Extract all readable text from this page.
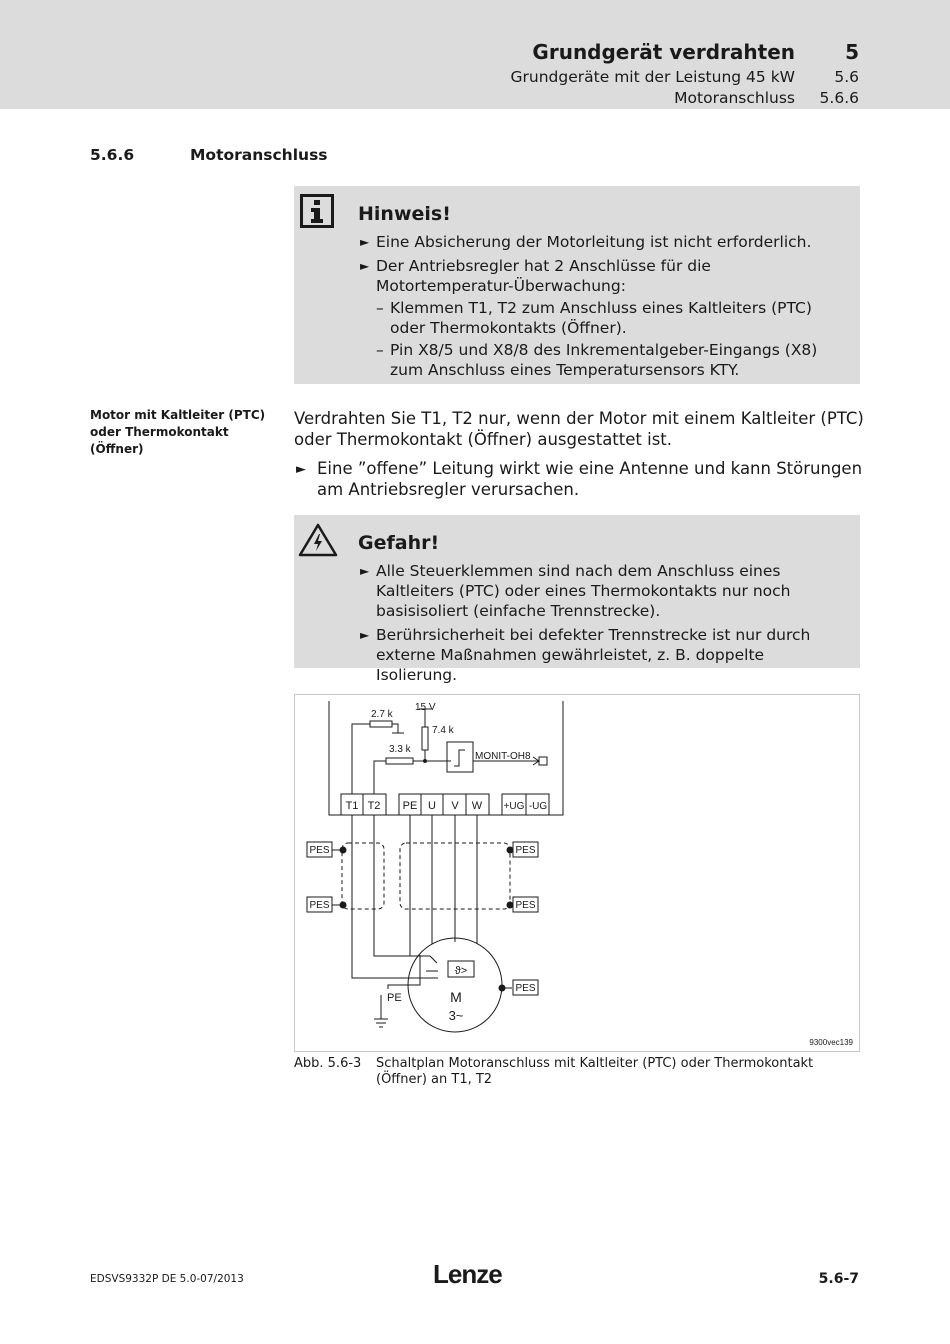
Grundgerät verdrahten	5
Grundgeräte mit der Leistung 45 kW	5.6
Motoranschluss	5.6.6
5.6.6	Motoranschluss
Hinweis!
► Eine Absicherung der Motorleitung ist nicht erforderlich.
► Der Antriebsregler hat 2 Anschlüsse für die Motortemperatur-Überwachung:
– Klemmen T1, T2 zum Anschluss eines Kaltleiters (PTC) oder Thermokontakts (Öffner).
– Pin X8/5 und X8/8 des Inkrementalgeber-Eingangs (X8) zum Anschluss eines Temperatursensors KTY.
Motor mit Kaltleiter (PTC) oder Thermokontakt (Öffner)
Verdrahten Sie T1, T2 nur, wenn der Motor mit einem Kaltleiter (PTC) oder Thermokontakt (Öffner) ausgestattet ist.
► Eine ”offene” Leitung wirkt wie eine Antenne und kann Störungen am Antriebsregler verursachen.
Gefahr!
► Alle Steuerklemmen sind nach dem Anschluss eines Kaltleiters (PTC) oder eines Thermokontakts nur noch basisisoliert (einfache Trennstrecke).
► Berührsicherheit bei defekter Trennstrecke ist nur durch externe Maßnahmen gewährleistet, z. B. doppelte Isolierung.
2.7 k
15 V
7.4 k
3.3 k
MONIT-OH8
T1 T2 PE U V W +UG -UG
PES
PES
PES
PES
PES
PE
ϑ>
M
3~
9300vec139
Abb. 5.6-3 Schaltplan Motoranschluss mit Kaltleiter (PTC) oder Thermokontakt (Öffner) an T1, T2
EDSVS9332P DE 5.0-07/2013	Lenze	5.6-7
